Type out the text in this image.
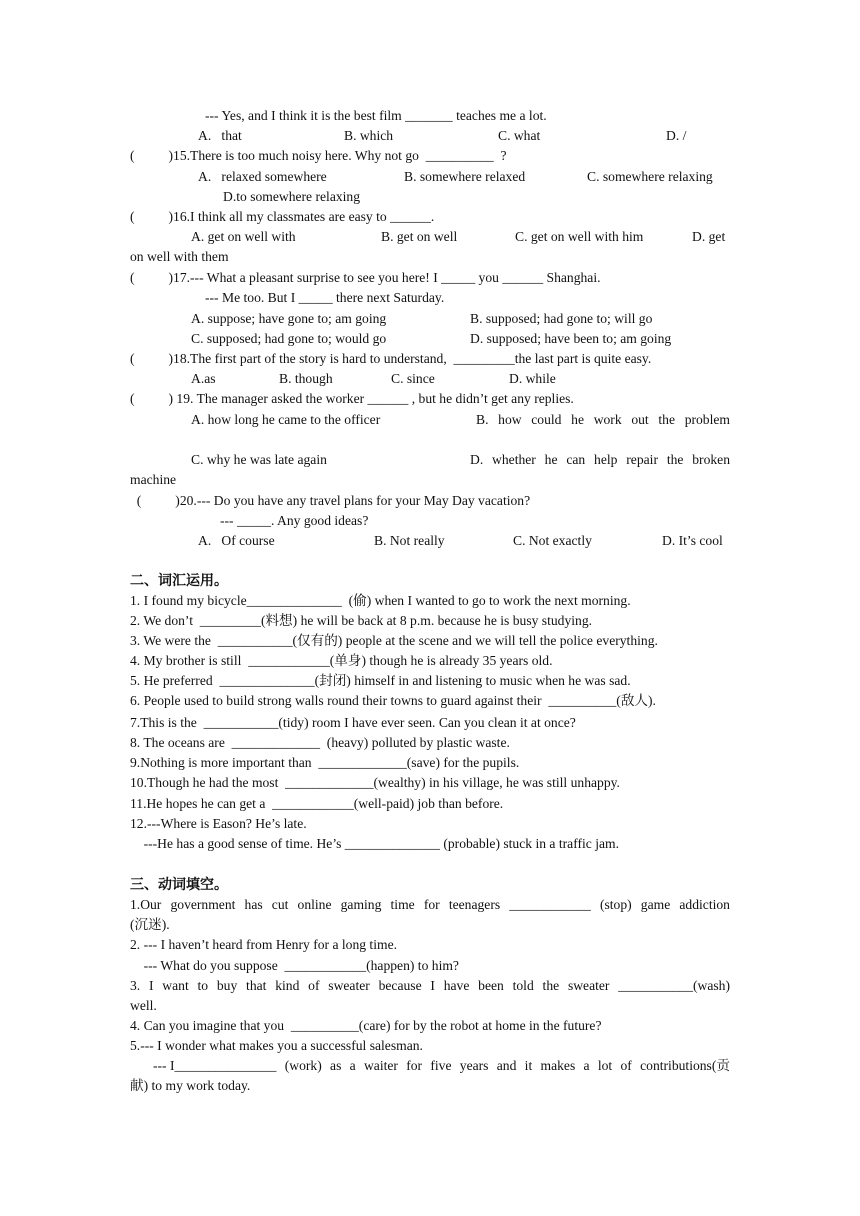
--- Yes, and I think it is the best film _______ teaches me a lot.
A.   that	B. which	C. what	D. /
(          )15.There is too much noisy here. Why not go  __________  ?
A.   relaxed somewhere	B. somewhere relaxed	C. somewhere relaxing
D.to somewhere relaxing
(          )16.I think all my classmates are easy to ______.
A. get on well with	B. get on well	C. get on well with him	D. get
on well with them
(          )17.--- What a pleasant surprise to see you here! I _____ you ______ Shanghai.
--- Me too. But I _____ there next Saturday.
A. suppose; have gone to; am going	B. supposed; had gone to; will go
C. supposed; had gone to; would go	D. supposed; have been to; am going
(          )18.The first part of the story is hard to understand,  _________the last part is quite easy.
A.as	B. though	C. since	D. while
(          ) 19. The manager asked the worker ______ , but he didn’t get any replies.
A. how long he came to the officer	B. how could he work out the problem
C. why he was late again	D. whether he can help repair the broken
machine
(          )20.--- Do you have any travel plans for your May Day vacation?
--- _____. Any good ideas?
A.   Of course	B. Not really	C. Not exactly	D. It’s cool
二、词汇运用。
1. I found my bicycle______________  (偷) when I wanted to go to work the next morning.
2. We don’t  _________(料想) he will be back at 8 p.m. because he is busy studying.
3. We were the  ___________(仅有的) people at the scene and we will tell the police everything.
4. My brother is still  ____________(单身) though he is already 35 years old.
5. He preferred  ______________(封闭) himself in and listening to music when he was sad.
6. People used to build strong walls round their towns to guard against their  __________(敌人).
7.This is the  ___________(tidy) room I have ever seen. Can you clean it at once?
8. The oceans are  _____________  (heavy) polluted by plastic waste.
9.Nothing is more important than  _____________(save) for the pupils.
10.Though he had the most  _____________(wealthy) in his village, he was still unhappy.
11.He hopes he can get a  ____________(well-paid) job than before.
12.---Where is Eason? He’s late.
---He has a good sense of time. He’s ______________ (probable) stuck in a traffic jam.
三、动词填空。
1.Our government has cut online gaming time for teenagers ____________ (stop) game addiction
(沉迷).
2. --- I haven’t heard from Henry for a long time.
--- What do you suppose  ____________(happen) to him?
3. I want to buy that kind of sweater because I have been told the sweater ___________(wash)
well.
4. Can you imagine that you  __________(care) for by the robot at home in the future?
5.--- I wonder what makes you a successful salesman.
--- I_______________ (work) as a waiter for five years and it makes a lot of contributions(贡
献) to my work today.
